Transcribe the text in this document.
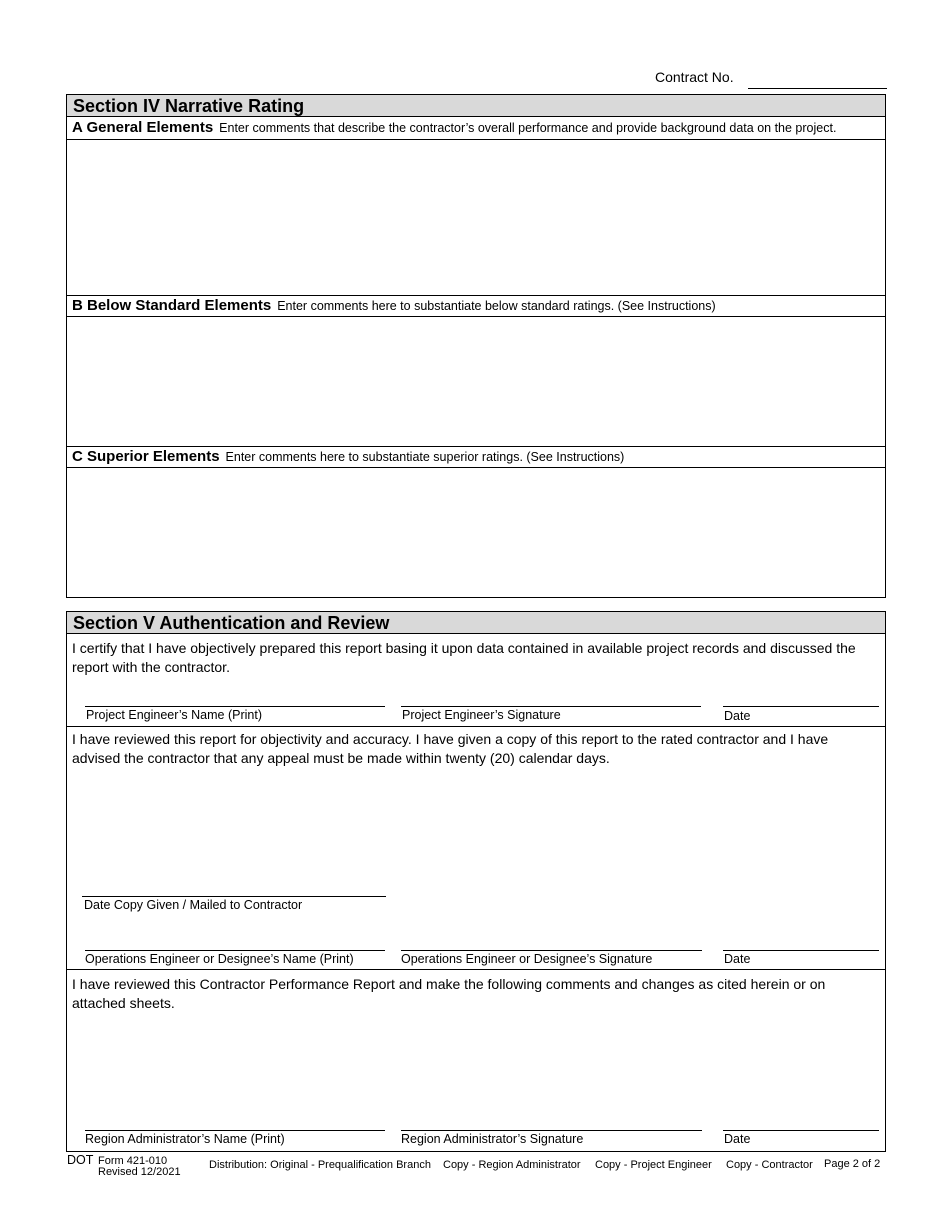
Contract No.
Section IV Narrative Rating
A General Elements Enter comments that describe the contractor’s overall performance and provide background data on the project.
B Below Standard Elements Enter comments here to substantiate below standard ratings. (See Instructions)
C Superior Elements Enter comments here to substantiate superior ratings. (See Instructions)
Section V Authentication and Review
I certify that I have objectively prepared this report basing it upon data contained in available project records and discussed the report with the contractor.
Project Engineer’s Name (Print)	Project Engineer’s Signature	Date
I have reviewed this report for objectivity and accuracy. I have given a copy of this report to the rated contractor and I have advised the contractor that any appeal must be made within twenty (20) calendar days.
Date Copy Given / Mailed to Contractor
Operations Engineer or Designee’s Name (Print)	Operations Engineer or Designee’s Signature	Date
I have reviewed this Contractor Performance Report and make the following comments and changes as cited herein or on attached sheets.
Region Administrator’s Name (Print)	Region Administrator’s Signature	Date
DOT Form 421-010
Revised 12/2021
Distribution: Original - Prequalification Branch Copy - Region Administrator Copy - Project Engineer Copy - Contractor Page 2 of 2
